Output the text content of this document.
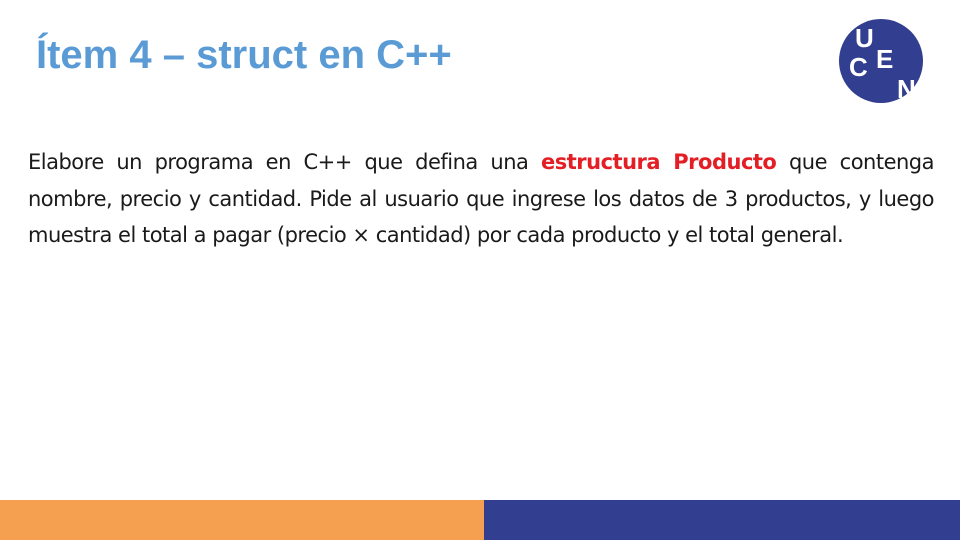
Ítem 4 – struct en C++	U
C E
N

Elabore un programa en C++ que defina una estructura Producto que contenga nombre, precio y cantidad. Pide al usuario que ingrese los datos de 3 productos, y luego muestra el total a pagar (precio × cantidad) por cada producto y el total general.
